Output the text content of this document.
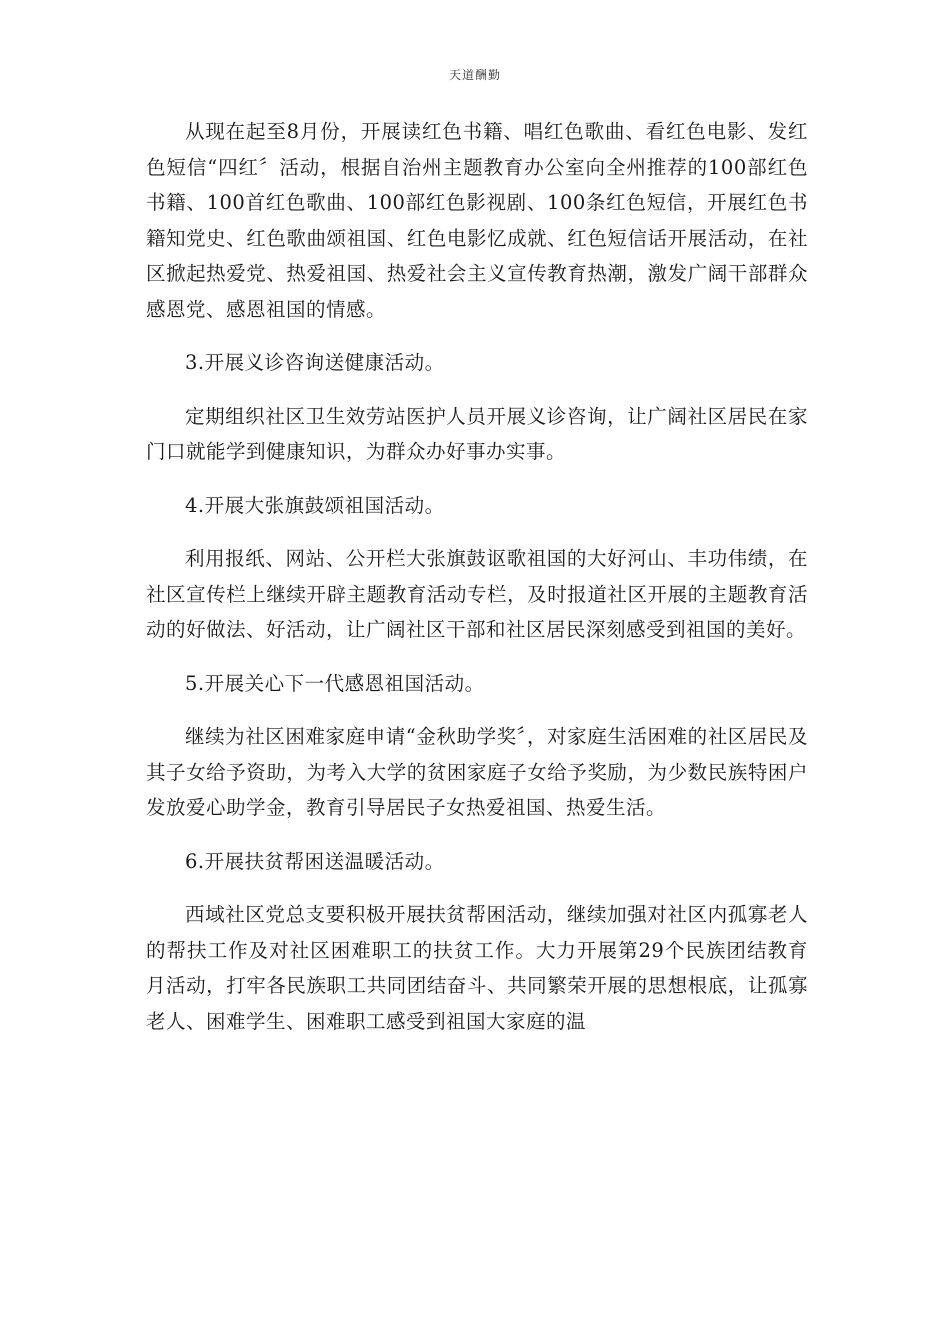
天道酬勤

从现在起至8月份，开展读红色书籍、唱红色歌曲、看红色电影、发红色短信“四红〞活动，根据自治州主题教育办公室向全州推荐的100部红色书籍、100首红色歌曲、100部红色影视剧、100条红色短信，开展红色书籍知党史、红色歌曲颂祖国、红色电影忆成就、红色短信话开展活动，在社区掀起热爱党、热爱祖国、热爱社会主义宣传教育热潮，激发广阔干部群众感恩党、感恩祖国的情感。

3.开展义诊咨询送健康活动。

定期组织社区卫生效劳站医护人员开展义诊咨询，让广阔社区居民在家门口就能学到健康知识，为群众办好事办实事。

4.开展大张旗鼓颂祖国活动。

利用报纸、网站、公开栏大张旗鼓讴歌祖国的大好河山、丰功伟绩，在社区宣传栏上继续开辟主题教育活动专栏，及时报道社区开展的主题教育活动的好做法、好活动，让广阔社区干部和社区居民深刻感受到祖国的美好。

5.开展关心下一代感恩祖国活动。

继续为社区困难家庭申请“金秋助学奖〞，对家庭生活困难的社区居民及其子女给予资助，为考入大学的贫困家庭子女给予奖励，为少数民族特困户发放爱心助学金，教育引导居民子女热爱祖国、热爱生活。

6.开展扶贫帮困送温暖活动。

西域社区党总支要积极开展扶贫帮困活动，继续加强对社区内孤寡老人的帮扶工作及对社区困难职工的扶贫工作。大力开展第29个民族团结教育月活动，打牢各民族职工共同团结奋斗、共同繁荣开展的思想根底，让孤寡老人、困难学生、困难职工感受到祖国大家庭的温
